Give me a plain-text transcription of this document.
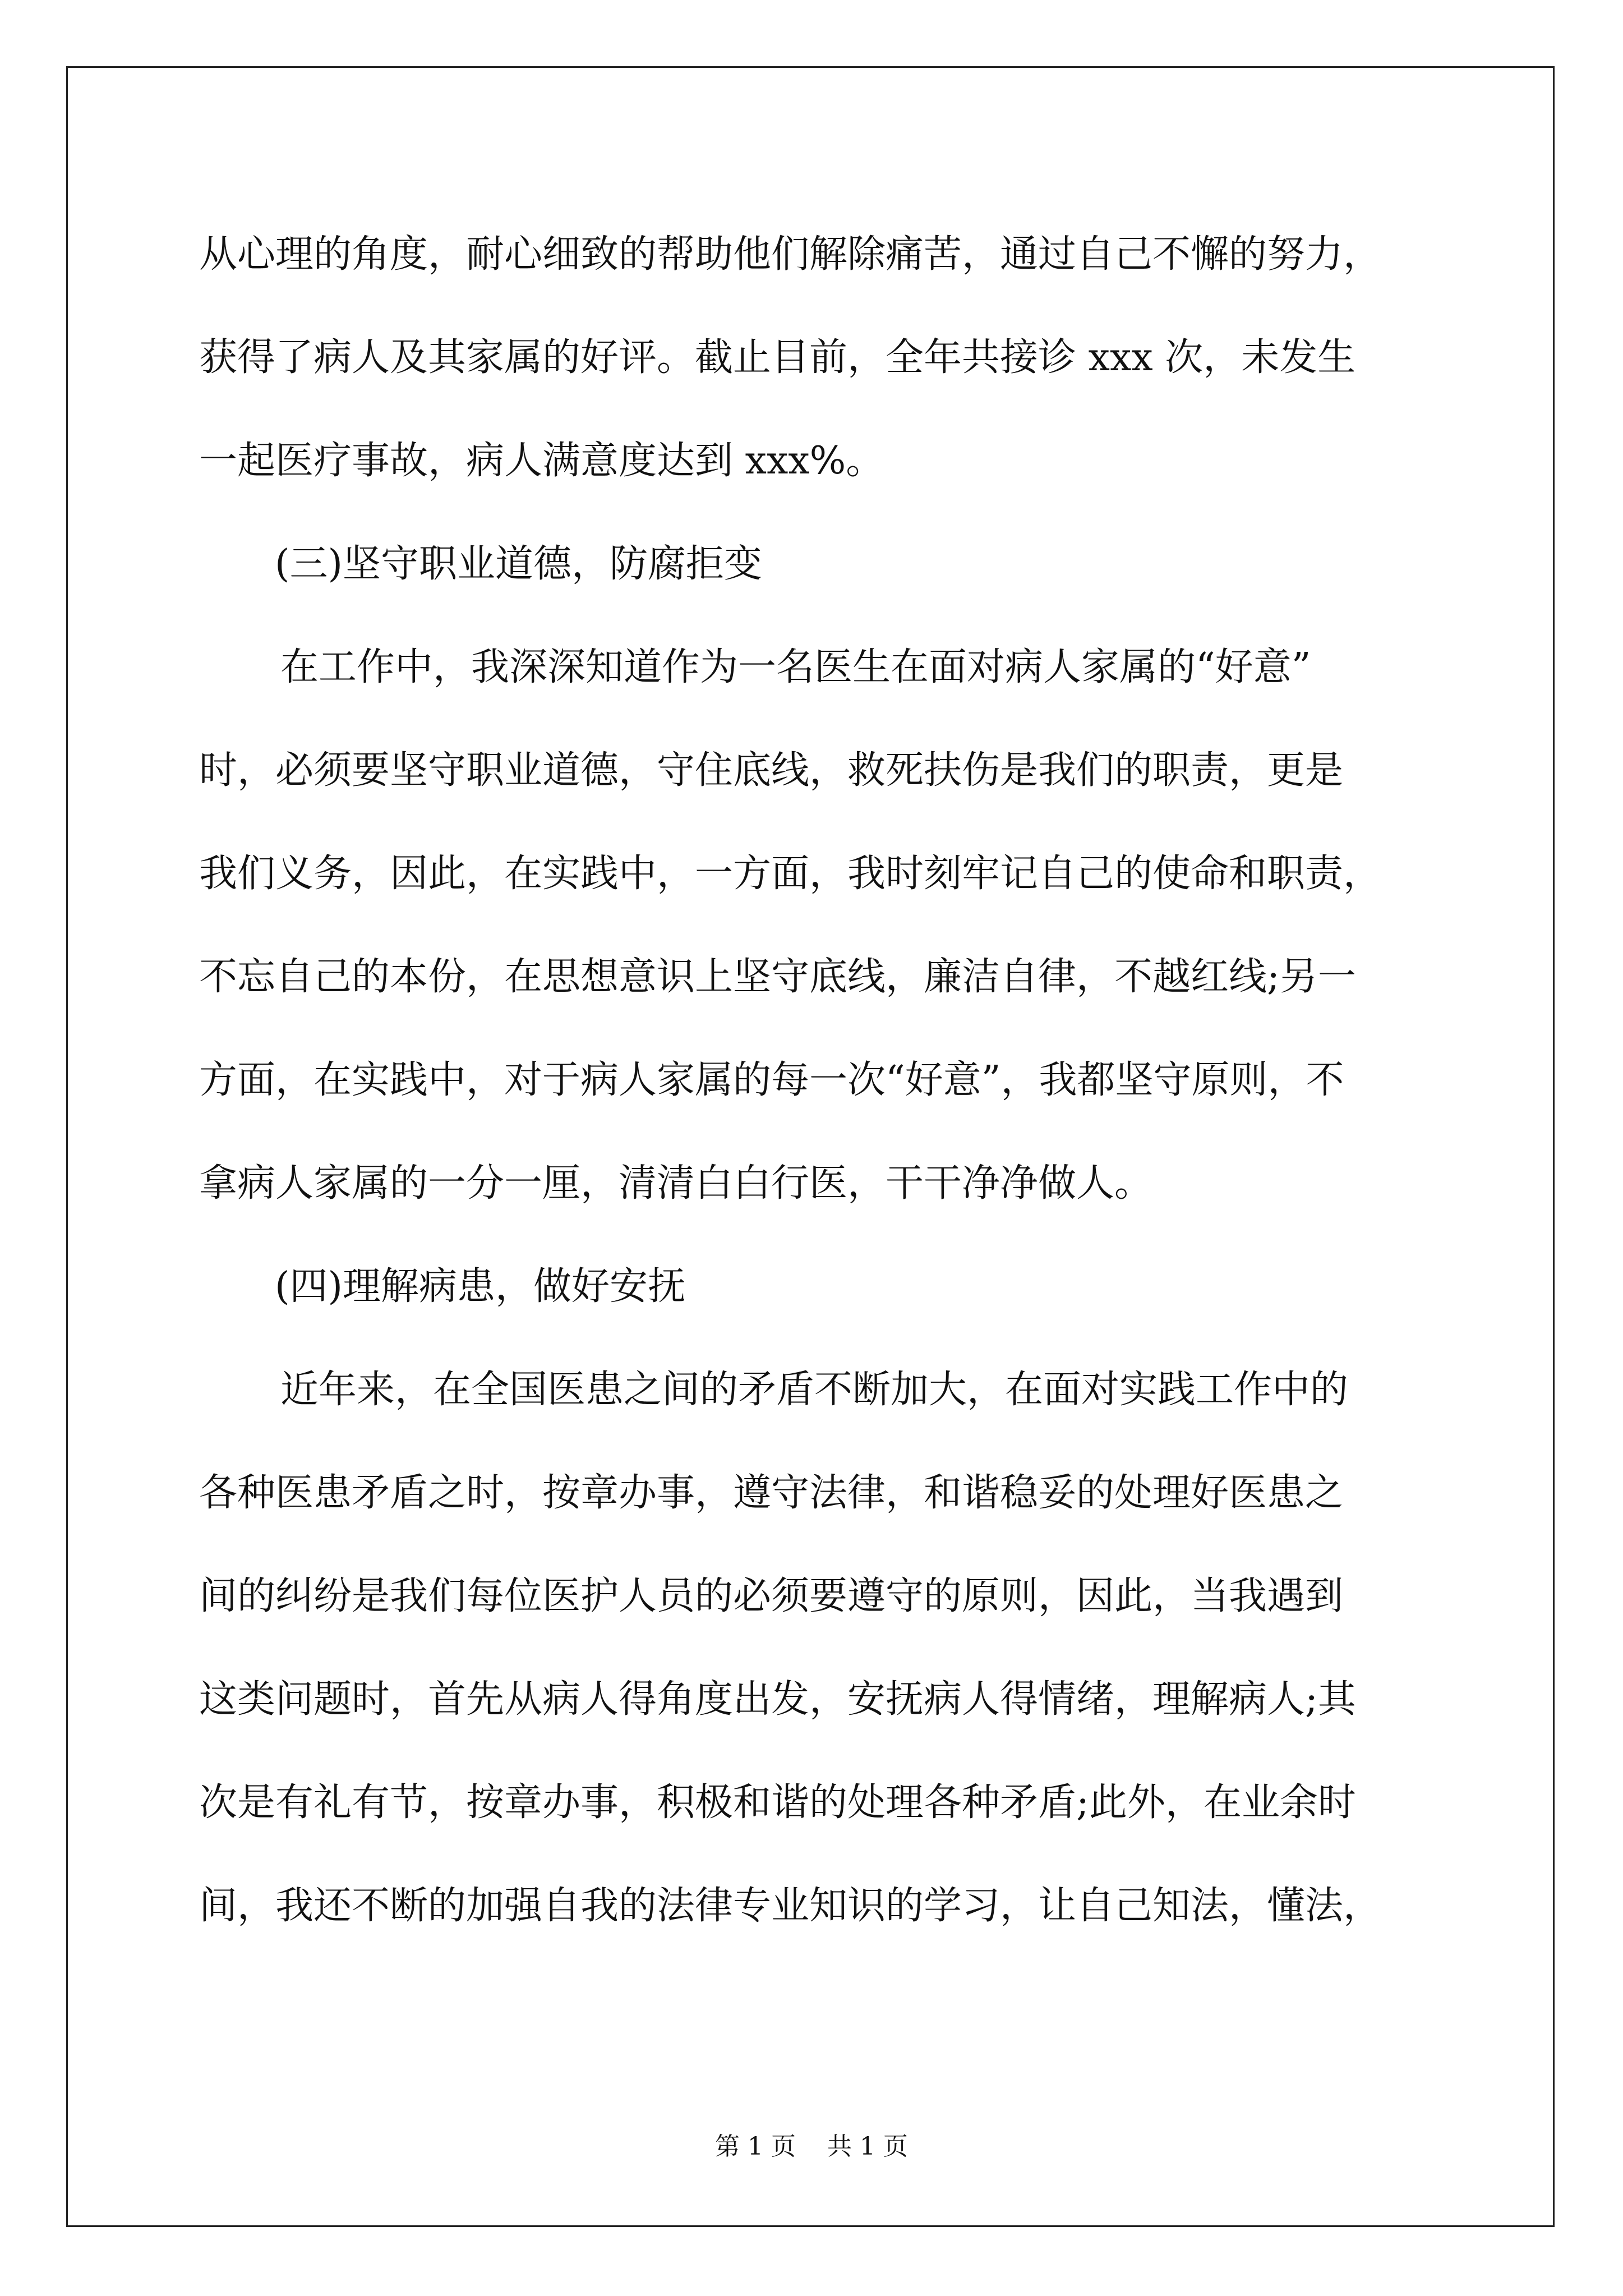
从心理的角度，耐心细致的帮助他们解除痛苦，通过自己不懈的努力，
获得了病人及其家属的好评。截止目前，全年共接诊 xxx 次，未发生
一起医疗事故，病人满意度达到 xxx%。
(三)坚守职业道德，防腐拒变
在工作中，我深深知道作为一名医生在面对病人家属的“好意”
时，必须要坚守职业道德，守住底线，救死扶伤是我们的职责，更是
我们义务，因此，在实践中，一方面，我时刻牢记自己的使命和职责，
不忘自己的本份，在思想意识上坚守底线，廉洁自律，不越红线;另一
方面，在实践中，对于病人家属的每一次“好意”，我都坚守原则，不
拿病人家属的一分一厘，清清白白行医，干干净净做人。
(四)理解病患，做好安抚
近年来，在全国医患之间的矛盾不断加大，在面对实践工作中的
各种医患矛盾之时，按章办事，遵守法律，和谐稳妥的处理好医患之
间的纠纷是我们每位医护人员的必须要遵守的原则，因此，当我遇到
这类问题时，首先从病人得角度出发，安抚病人得情绪，理解病人;其
次是有礼有节，按章办事，积极和谐的处理各种矛盾;此外，在业余时
间，我还不断的加强自我的法律专业知识的学习，让自己知法，懂法，
第 1 页    共 1 页
